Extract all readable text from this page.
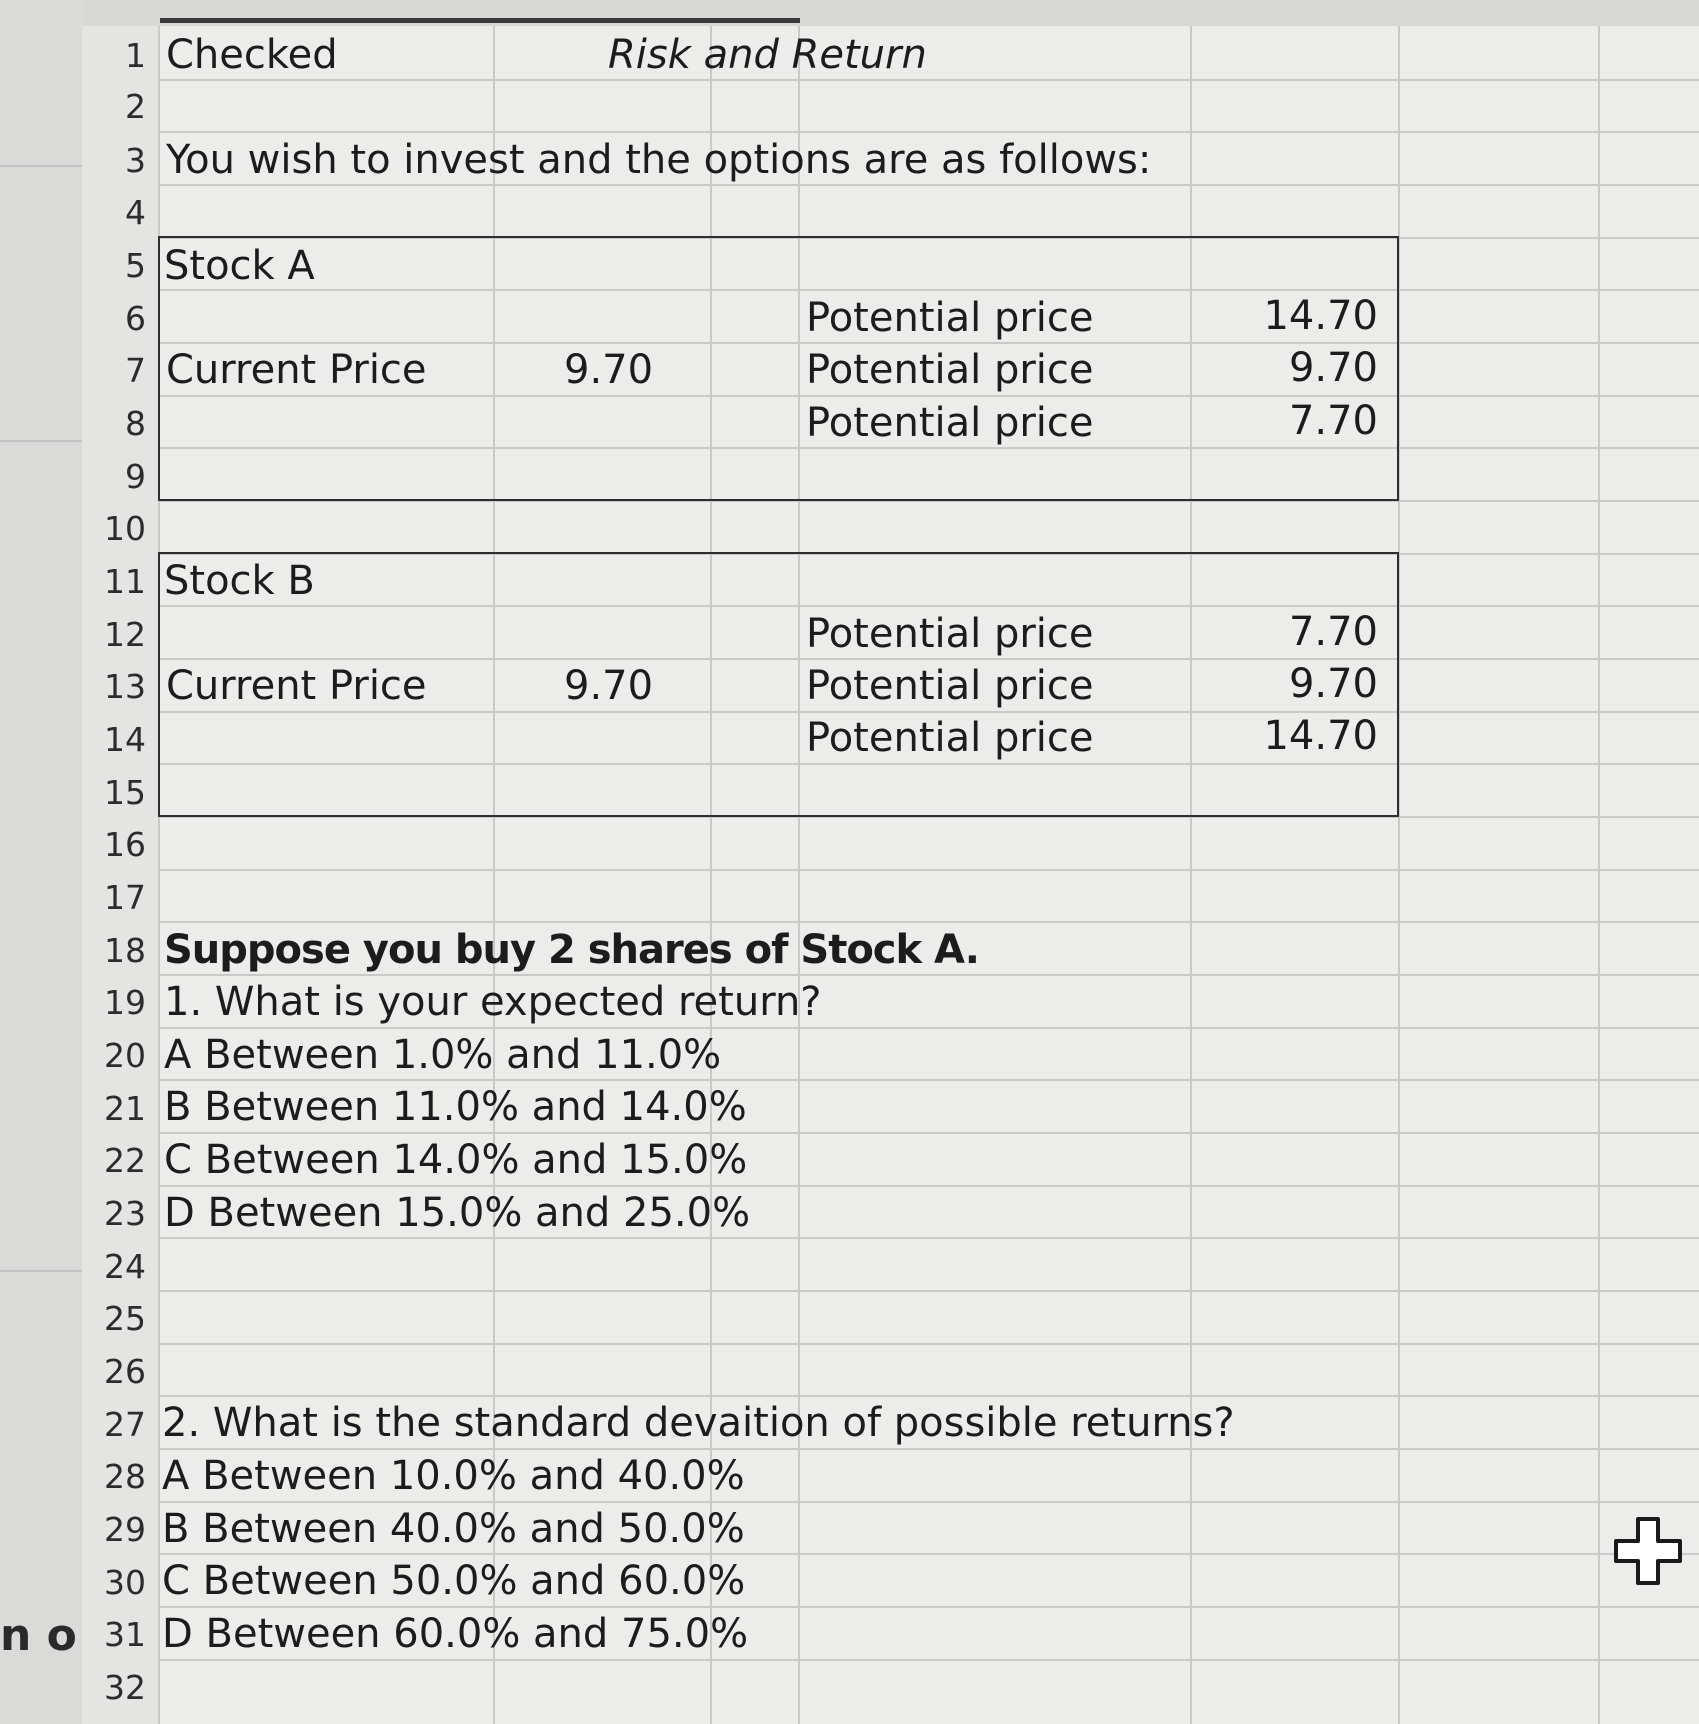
n o
1
2
3
4
5
6
7
8
9
10
11
12
13
14
15
16
17
18
19
20
21
22
23
24
25
26
27
28
29
30
31
32
Checked	Risk and Return
You wish to invest and the options are as follows:
Stock A
Potential price	14.70
Current Price	9.70	Potential price	9.70
Potential price	7.70
Stock B
Potential price	7.70
Current Price	9.70	Potential price	9.70
Potential price	14.70
Suppose you buy 2 shares of Stock A.
1. What is your expected return?
A Between 1.0% and 11.0%
B Between 11.0% and 14.0%
C Between 14.0% and 15.0%
D Between 15.0% and 25.0%
2. What is the standard devaition of possible returns?
A Between 10.0% and 40.0%
B Between 40.0% and 50.0%
C Between 50.0% and 60.0%
D Between 60.0% and 75.0%
